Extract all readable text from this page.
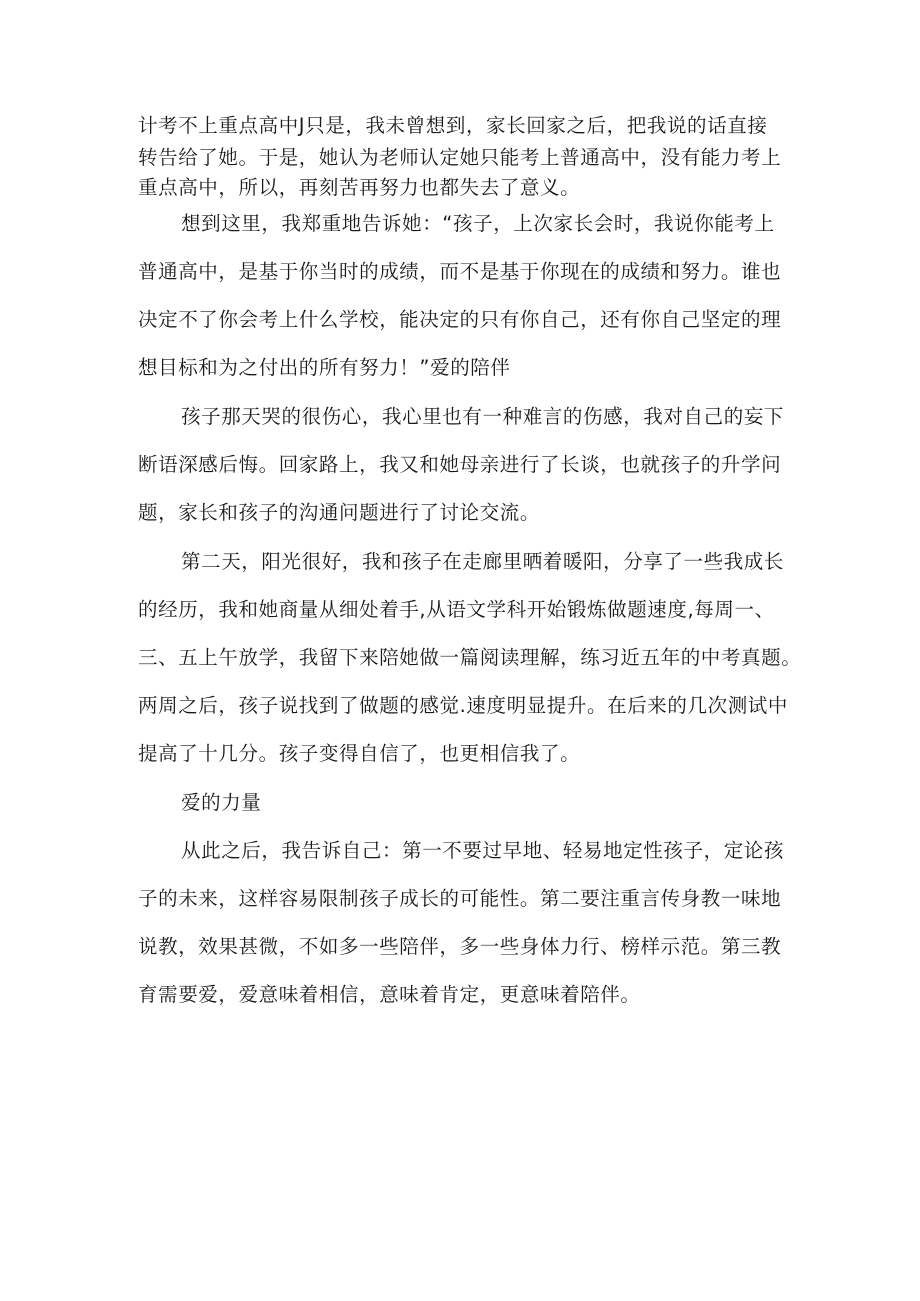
计考不上重点高中J只是，我未曾想到，家长回家之后，把我说的话直接
转告给了她。于是，她认为老师认定她只能考上普通高中，没有能力考上
重点高中，所以，再刻苦再努力也都失去了意义。
想到这里，我郑重地告诉她：“孩子，上次家长会时，我说你能考上
普通高中，是基于你当时的成绩，而不是基于你现在的成绩和努力。谁也
决定不了你会考上什么学校，能决定的只有你自己，还有你自己坚定的理
想目标和为之付出的所有努力！”爱的陪伴
孩子那天哭的很伤心，我心里也有一种难言的伤感，我对自己的妄下
断语深感后悔。回家路上，我又和她母亲进行了长谈，也就孩子的升学问
题，家长和孩子的沟通问题进行了讨论交流。
第二天，阳光很好，我和孩子在走廊里晒着暖阳，分享了一些我成长
的经历，我和她商量从细处着手,从语文学科开始锻炼做题速度,每周一、
三、五上午放学，我留下来陪她做一篇阅读理解，练习近五年的中考真题。
两周之后，孩子说找到了做题的感觉.速度明显提升。在后来的几次测试中
提高了十几分。孩子变得自信了，也更相信我了。
爱的力量
从此之后，我告诉自己：第一不要过早地、轻易地定性孩子，定论孩
子的未来，这样容易限制孩子成长的可能性。第二要注重言传身教一味地
说教，效果甚微，不如多一些陪伴，多一些身体力行、榜样示范。第三教
育需要爱，爱意味着相信，意味着肯定，更意味着陪伴。
